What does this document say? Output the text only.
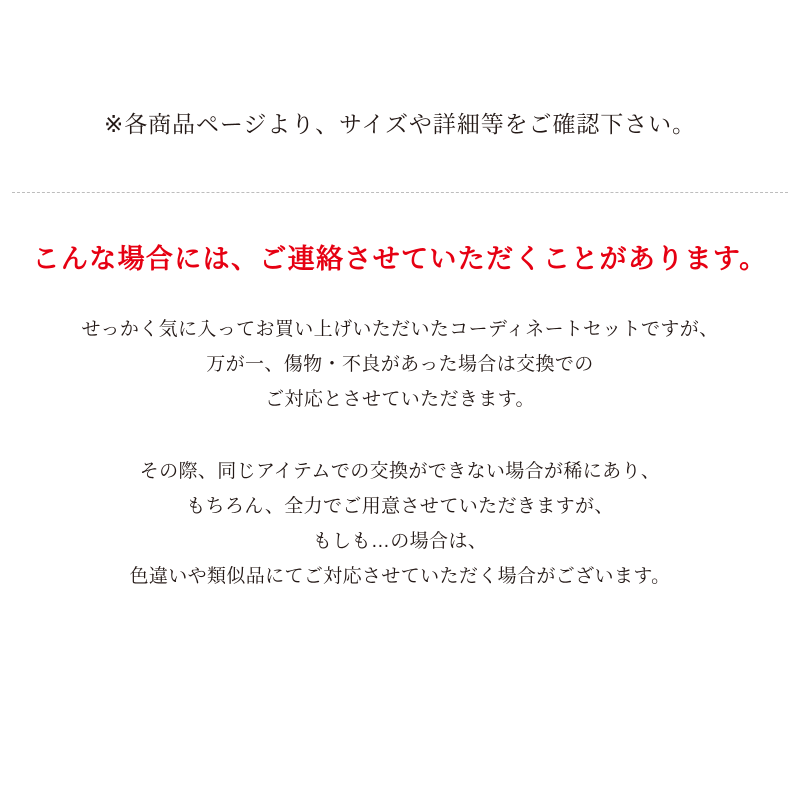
※各商品ページより、サイズや詳細等をご確認下さい。
こんな場合には、ご連絡させていただくことがあります。
せっかく気に入ってお買い上げいただいたコーディネートセットですが、
万が一、傷物・不良があった場合は交換での
ご対応とさせていただきます。
その際、同じアイテムでの交換ができない場合が稀にあり、
もちろん、全力でご用意させていただきますが、
もしも…の場合は、
色違いや類似品にてご対応させていただく場合がございます。
